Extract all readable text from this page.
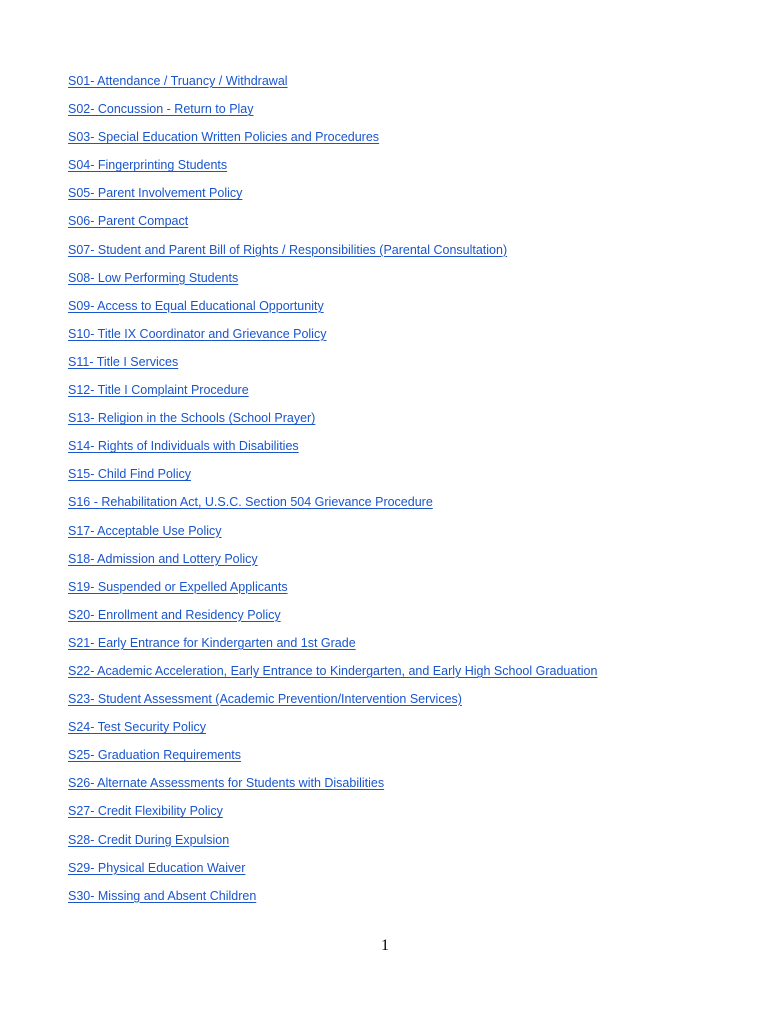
S01- Attendance / Truancy / Withdrawal
S02- Concussion - Return to Play
S03- Special Education Written Policies and Procedures
S04- Fingerprinting Students
S05- Parent Involvement Policy
S06- Parent Compact
S07- Student and Parent Bill of Rights / Responsibilities (Parental Consultation)
S08- Low Performing Students
S09- Access to Equal Educational Opportunity
S10- Title IX Coordinator and Grievance Policy
S11- Title I Services
S12- Title I Complaint Procedure
S13- Religion in the Schools (School Prayer)
S14- Rights of Individuals with Disabilities
S15- Child Find Policy
S16 - Rehabilitation Act, U.S.C. Section 504 Grievance Procedure
S17- Acceptable Use Policy
S18- Admission and Lottery Policy
S19- Suspended or Expelled Applicants
S20- Enrollment and Residency Policy
S21- Early Entrance for Kindergarten and 1st Grade
S22- Academic Acceleration, Early Entrance to Kindergarten, and Early High School Graduation
S23- Student Assessment (Academic Prevention/Intervention Services)
S24- Test Security Policy
S25- Graduation Requirements
S26- Alternate Assessments for Students with Disabilities
S27- Credit Flexibility Policy
S28- Credit During Expulsion
S29- Physical Education Waiver
S30- Missing and Absent Children
1
